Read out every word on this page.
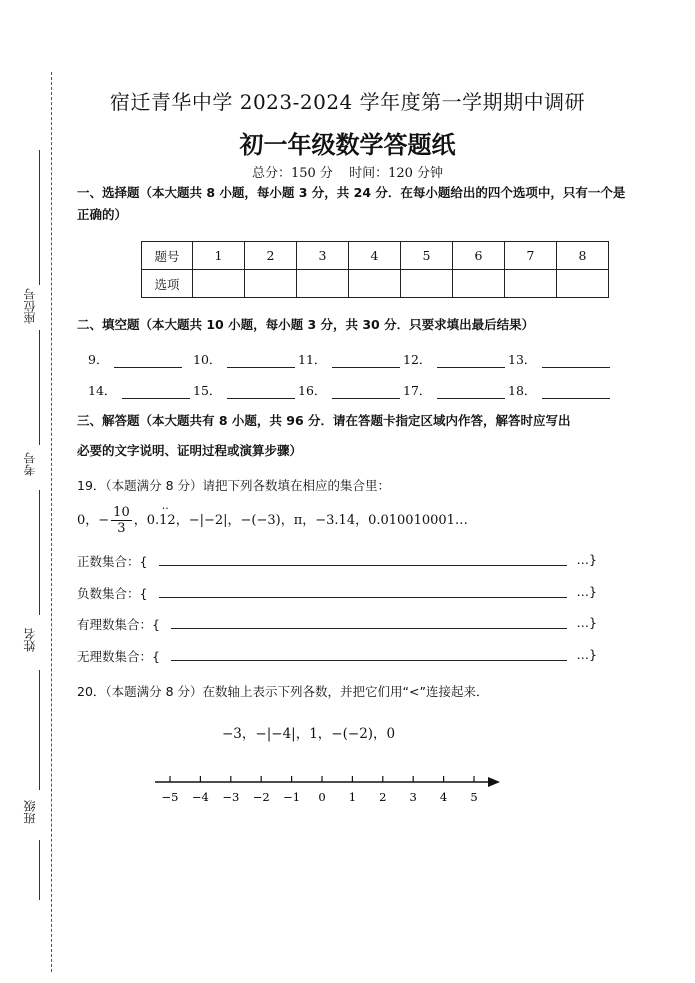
座位号
考号
姓名
班级
宿迁青华中学 2023-2024 学年度第一学期期中调研
初一年级数学答题纸
总分：150 分 时间：120 分钟
一、选择题（本大题共 8 小题，每小题 3 分，共 24 分．在每小题给出的四个选项中，只有一个是正确的）
题号	1	2	3	4	5	6	7	8
选项								
二、填空题（本大题共 10 小题，每小题 3 分，共 30 分．只要求填出最后结果）
9．	10．	11．	12．	13．
14．	15．	16．	17．	18．
三、解答题（本大题共有 8 小题，共 96 分．请在答题卡指定区域内作答，解答时应写出
必要的文字说明、证明过程或演算步骤）
19．（本题满分 8 分）请把下列各数填在相应的集合里：
0，− $\frac{10}{3}$ ，
··
0.12，−|−2|，−(−3)，π，−3.14，0.010010001…
正数集合：{	…}
负数集合：{	…}
有理数集合：{	…}
无理数集合：{	…}
20．（本题满分 8 分）在数轴上表示下列各数，并把它们用“<”连接起来．
−3，−|−4|，1，−(−2)，0
−5 −4 −3 −2 −1 0 1 2 3 4 5
